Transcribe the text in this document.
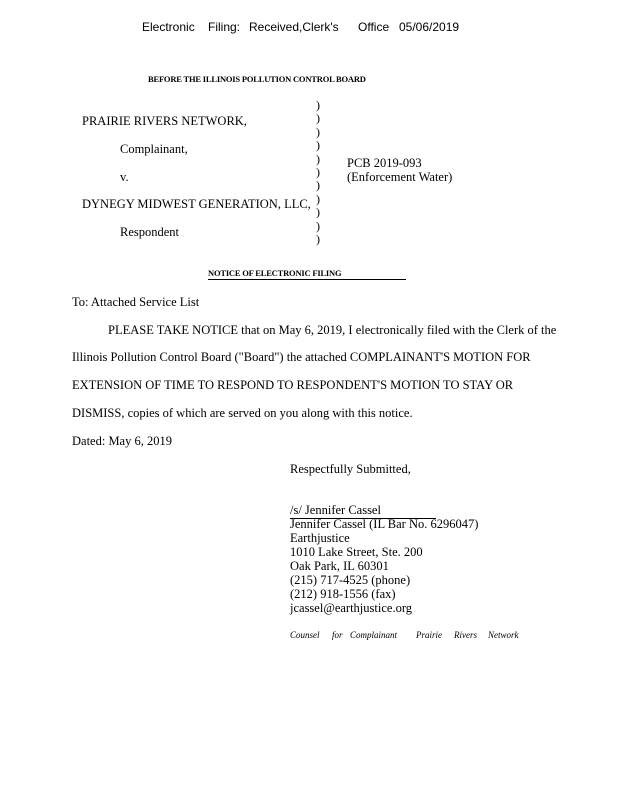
Electronic Filing: Received,Clerk's Office 05/06/2019
BEFORE THE ILLINOIS POLLUTION CONTROL BOARD
PRAIRIE RIVERS NETWORK,
Complainant,
v.
DYNEGY MIDWEST GENERATION, LLC,
Respondent
)
)
)
)
)
)
)
)
)
)
)
PCB 2019-093
(Enforcement Water)
NOTICE OF ELECTRONIC FILING
To: Attached Service List
PLEASE TAKE NOTICE that on May 6, 2019, I electronically filed with the Clerk of the
Illinois Pollution Control Board ("Board") the attached COMPLAINANT'S MOTION FOR
EXTENSION OF TIME TO RESPOND TO RESPONDENT'S MOTION TO STAY OR
DISMISS, copies of which are served on you along with this notice.
Dated: May 6, 2019
Respectfully Submitted,
/s/ Jennifer Cassel
Jennifer Cassel (IL Bar No. 6296047)
Earthjustice
1010 Lake Street, Ste. 200
Oak Park, IL 60301
(215) 717-4525 (phone)
(212) 918-1556 (fax)
jcassel@earthjustice.org
Counsel for Complainant Prairie Rivers Network
